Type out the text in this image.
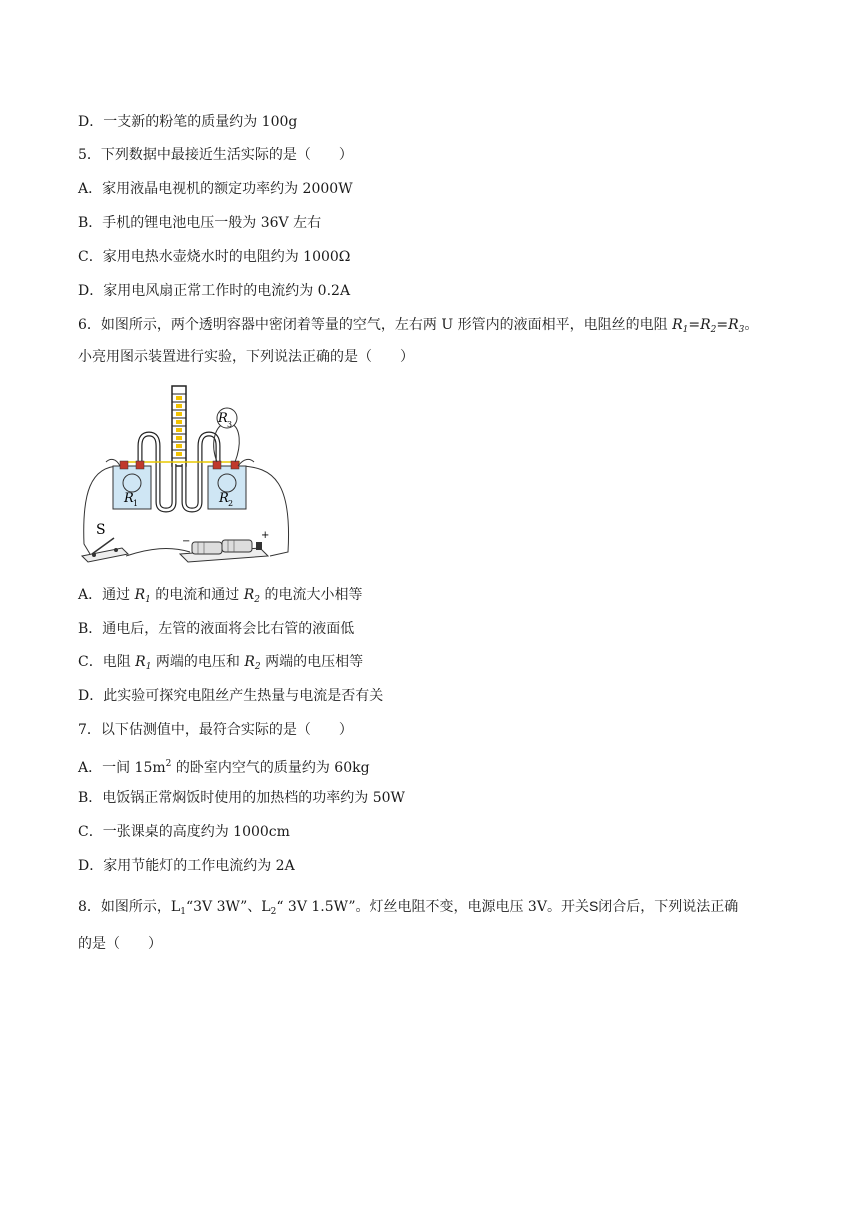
D．一支新的粉笔的质量约为 100g
5．下列数据中最接近生活实际的是（　　）
A．家用液晶电视机的额定功率约为 2000W
B．手机的锂电池电压一般为 36V 左右
C．家用电热水壶烧水时的电阻约为 1000Ω
D．家用电风扇正常工作时的电流约为 0.2A
6．如图所示，两个透明容器中密闭着等量的空气，左右两 U 形管内的液面相平，电阻丝的电阻 $R_1=R_2=R_3$。
小亮用图示装置进行实验，下列说法正确的是（　　）
R 1	R 2
R 3
S
−
+
A．通过 $R_1$ 的电流和通过 $R_2$ 的电流大小相等
B．通电后，左管的液面将会比右管的液面低
C．电阻 $R_1$ 两端的电压和 $R_2$ 两端的电压相等
D．此实验可探究电阻丝产生热量与电流是否有关
7．以下估测值中，最符合实际的是（　　）
A．一间 $15m^2$ 的卧室内空气的质量约为 60kg
B．电饭锅正常焖饭时使用的加热档的功率约为 50W
C．一张课桌的高度约为 1000cm
D．家用节能灯的工作电流约为 2A
8．如图所示，$L_1“3V$ 3W”、$L_2“$ 3V 1.5W”。灯丝电阻不变，电源电压 3V。开关S闭合后，下列说法正确
的是（　　）
